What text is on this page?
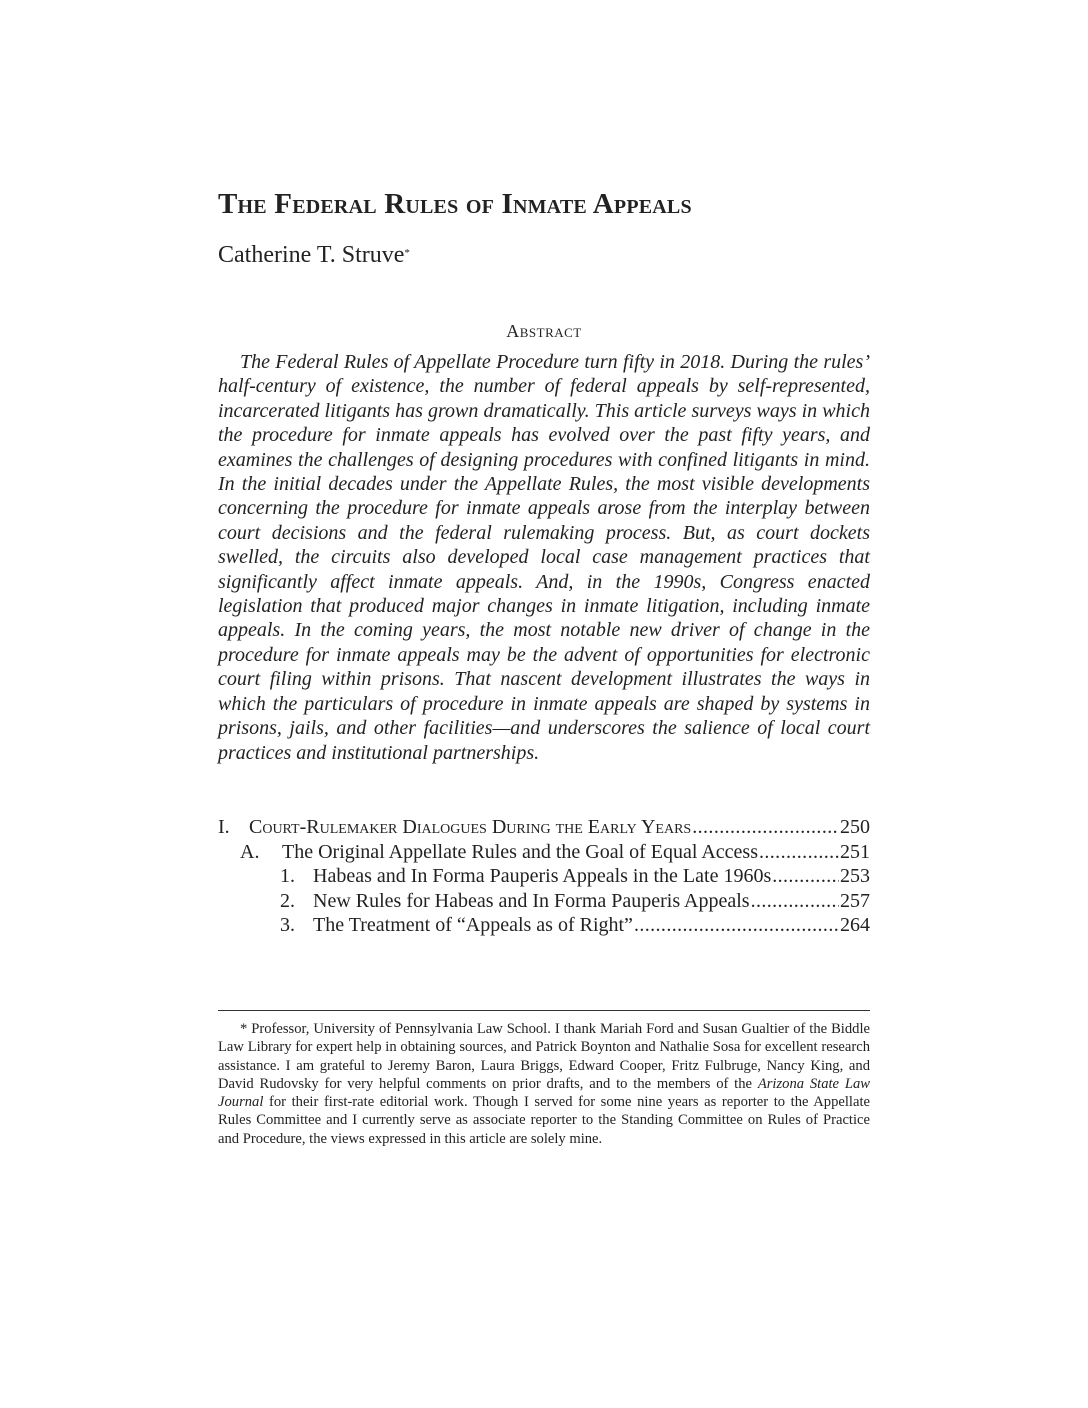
The Federal Rules of Inmate Appeals
Catherine T. Struve*
Abstract

The Federal Rules of Appellate Procedure turn fifty in 2018. During the rules’ half-century of existence, the number of federal appeals by self-represented, incarcerated litigants has grown dramatically. This article surveys ways in which the procedure for inmate appeals has evolved over the past fifty years, and examines the challenges of designing procedures with confined litigants in mind. In the initial decades under the Appellate Rules, the most visible developments concerning the procedure for inmate appeals arose from the interplay between court decisions and the federal rulemaking process. But, as court dockets swelled, the circuits also developed local case management practices that significantly affect inmate appeals. And, in the 1990s, Congress enacted legislation that produced major changes in inmate litigation, including inmate appeals. In the coming years, the most notable new driver of change in the procedure for inmate appeals may be the advent of opportunities for electronic court filing within prisons. That nascent development illustrates the ways in which the particulars of procedure in inmate appeals are shaped by systems in prisons, jails, and other facilities—and underscores the salience of local court practices and institutional partnerships.

I. Court-Rulemaker Dialogues During the Early Years .....	250
A.	The Original Appellate Rules and the Goal of Equal Access .....	251
1. Habeas and In Forma Pauperis Appeals in the Late 1960s .....	253
2. New Rules for Habeas and In Forma Pauperis Appeals .....	257
3. The Treatment of “Appeals as of Right” .....	264

* Professor, University of Pennsylvania Law School. I thank Mariah Ford and Susan Gualtier of the Biddle Law Library for expert help in obtaining sources, and Patrick Boynton and Nathalie Sosa for excellent research assistance. I am grateful to Jeremy Baron, Laura Briggs, Edward Cooper, Fritz Fulbruge, Nancy King, and David Rudovsky for very helpful comments on prior drafts, and to the members of the Arizona State Law Journal for their first-rate editorial work. Though I served for some nine years as reporter to the Appellate Rules Committee and I currently serve as associate reporter to the Standing Committee on Rules of Practice and Procedure, the views expressed in this article are solely mine.
